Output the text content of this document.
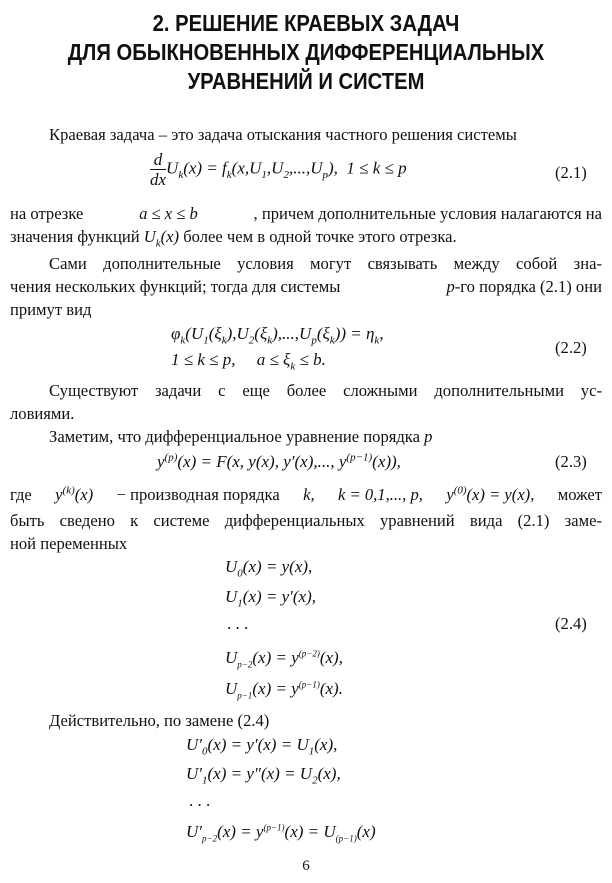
2. РЕШЕНИЕ КРАЕВЫХ ЗАДАЧ
ДЛЯ ОБЫКНОВЕННЫХ ДИФФЕРЕНЦИАЛЬНЫХ
УРАВНЕНИЙ И СИСТЕМ
Краевая задача – это задача отыскания частного решения системы
$\frac{d}{dx} U_k(x) = f_k(x,U_1,U_2,...,U_p)$, 1 ≤ k ≤ p	(2.1)
на отрезке	a ≤ x ≤ b	, причем дополнительные условия налагаются на
значения функций $U_k(x)$ более чем в одной точке этого отрезка.
Сами дополнительные условия могут связывать между собой зна-
чения нескольких функций; тогда для системы	p-го порядка (2.1) они
примут вид
$\varphi_k(U_1(\xi_k),U_2(\xi_k),...,U_p(\xi_k)) = \eta_k$,
1 ≤ k ≤ p, $a \le \xi_k \le b$.
(2.2)
Существуют задачи с еще более сложными дополнительными ус-
ловиями.
Заметим, что дифференциальное уравнение порядка p
$y^{(p)}(x) = F(x$, y(x), y′(x),..., $y^{(p-1)}(x)$),	(2.3)
где $y^{(k)}(x)$ − производная порядка k, k = 0,1,..., p, $y^{(0)}(x) = y(x)$, может
быть сведено к системе дифференциальных уравнений вида (2.1) заме-
ной переменных
$U_0(x) = y(x)$,
$U_1(x) = y'(x)$,
. . .
$U_{p-2}(x) = y^{(p-2)}(x)$,
$U_{p-1}(x) = y^{(p-1)}(x)$.
(2.4)
Действительно, по замене (2.4)
$U'_0(x) = y'(x) = U_1(x)$,
$U'_1(x) = y''(x) = U_2(x)$,
. . .
$U'_{p-2}(x) = y^{(p-1)}(x) = U_{(p-1)}(x)$
6
